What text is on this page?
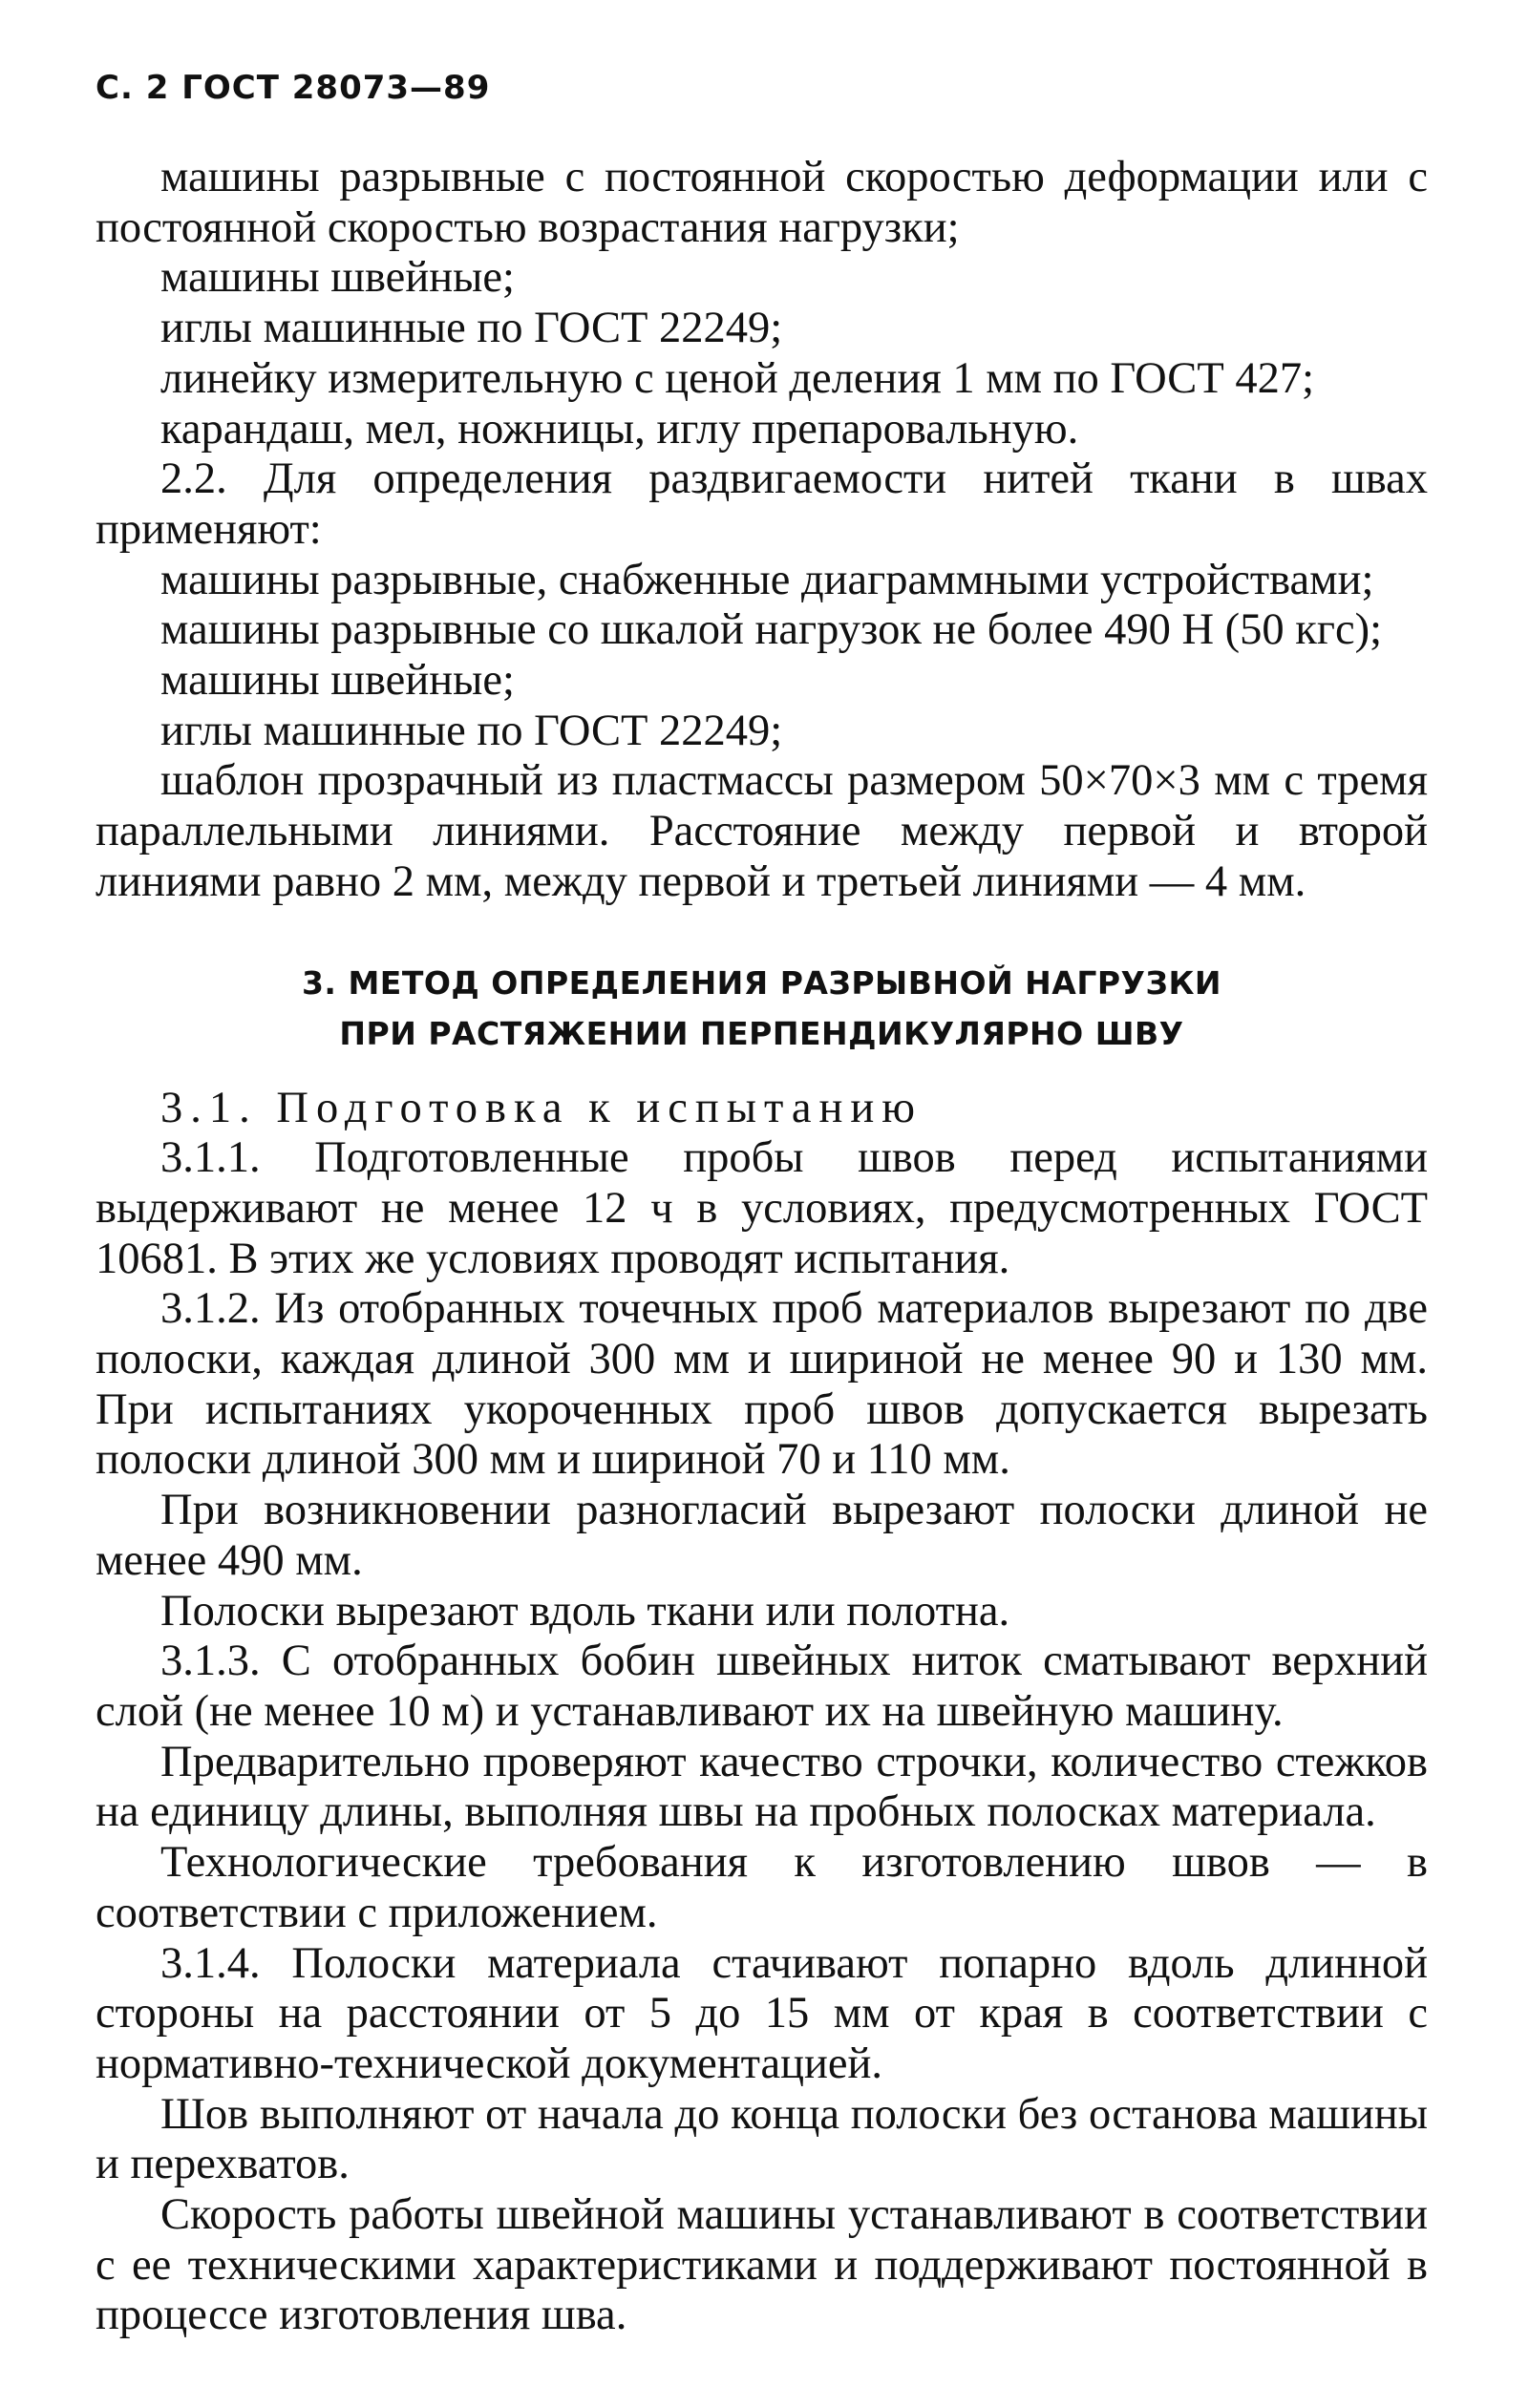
С. 2 ГОСТ 28073—89

машины разрывные с постоянной скоростью деформации или с постоянной скоростью возрастания нагрузки;

машины швейные;

иглы машинные по ГОСТ 22249;

линейку измерительную с ценой деления 1 мм по ГОСТ 427;

карандаш, мел, ножницы, иглу препаровальную.

2.2. Для определения раздвигаемости нитей ткани в швах применяют:

машины разрывные, снабженные диаграммными устройствами;

машины разрывные со шкалой нагрузок не более 490 Н (50 кгс);

машины швейные;

иглы машинные по ГОСТ 22249;

шаблон прозрачный из пластмассы размером 50×70×3 мм с тремя параллельными линиями. Расстояние между первой и второй линиями равно 2 мм, между первой и третьей линиями — 4 мм.

3. МЕТОД ОПРЕДЕЛЕНИЯ РАЗРЫВНОЙ НАГРУЗКИ
ПРИ РАСТЯЖЕНИИ ПЕРПЕНДИКУЛЯРНО ШВУ

3.1. Подготовка к испытанию

3.1.1. Подготовленные пробы швов перед испытаниями выдерживают не менее 12 ч в условиях, предусмотренных ГОСТ 10681. В этих же условиях проводят испытания.

3.1.2. Из отобранных точечных проб материалов вырезают по две полоски, каждая длиной 300 мм и шириной не менее 90 и 130 мм. При испытаниях укороченных проб швов допускается вырезать полоски длиной 300 мм и шириной 70 и 110 мм.

При возникновении разногласий вырезают полоски длиной не менее 490 мм.

Полоски вырезают вдоль ткани или полотна.

3.1.3. С отобранных бобин швейных ниток сматывают верхний слой (не менее 10 м) и устанавливают их на швейную машину.

Предварительно проверяют качество строчки, количество стежков на единицу длины, выполняя швы на пробных полосках материала.

Технологические требования к изготовлению швов — в соответствии с приложением.

3.1.4. Полоски материала стачивают попарно вдоль длинной стороны на расстоянии от 5 до 15 мм от края в соответствии с нормативно-технической документацией.

Шов выполняют от начала до конца полоски без останова машины и перехватов.

Скорость работы швейной машины устанавливают в соответствии с ее техническими характеристиками и поддерживают постоянной в процессе изготовления шва.
